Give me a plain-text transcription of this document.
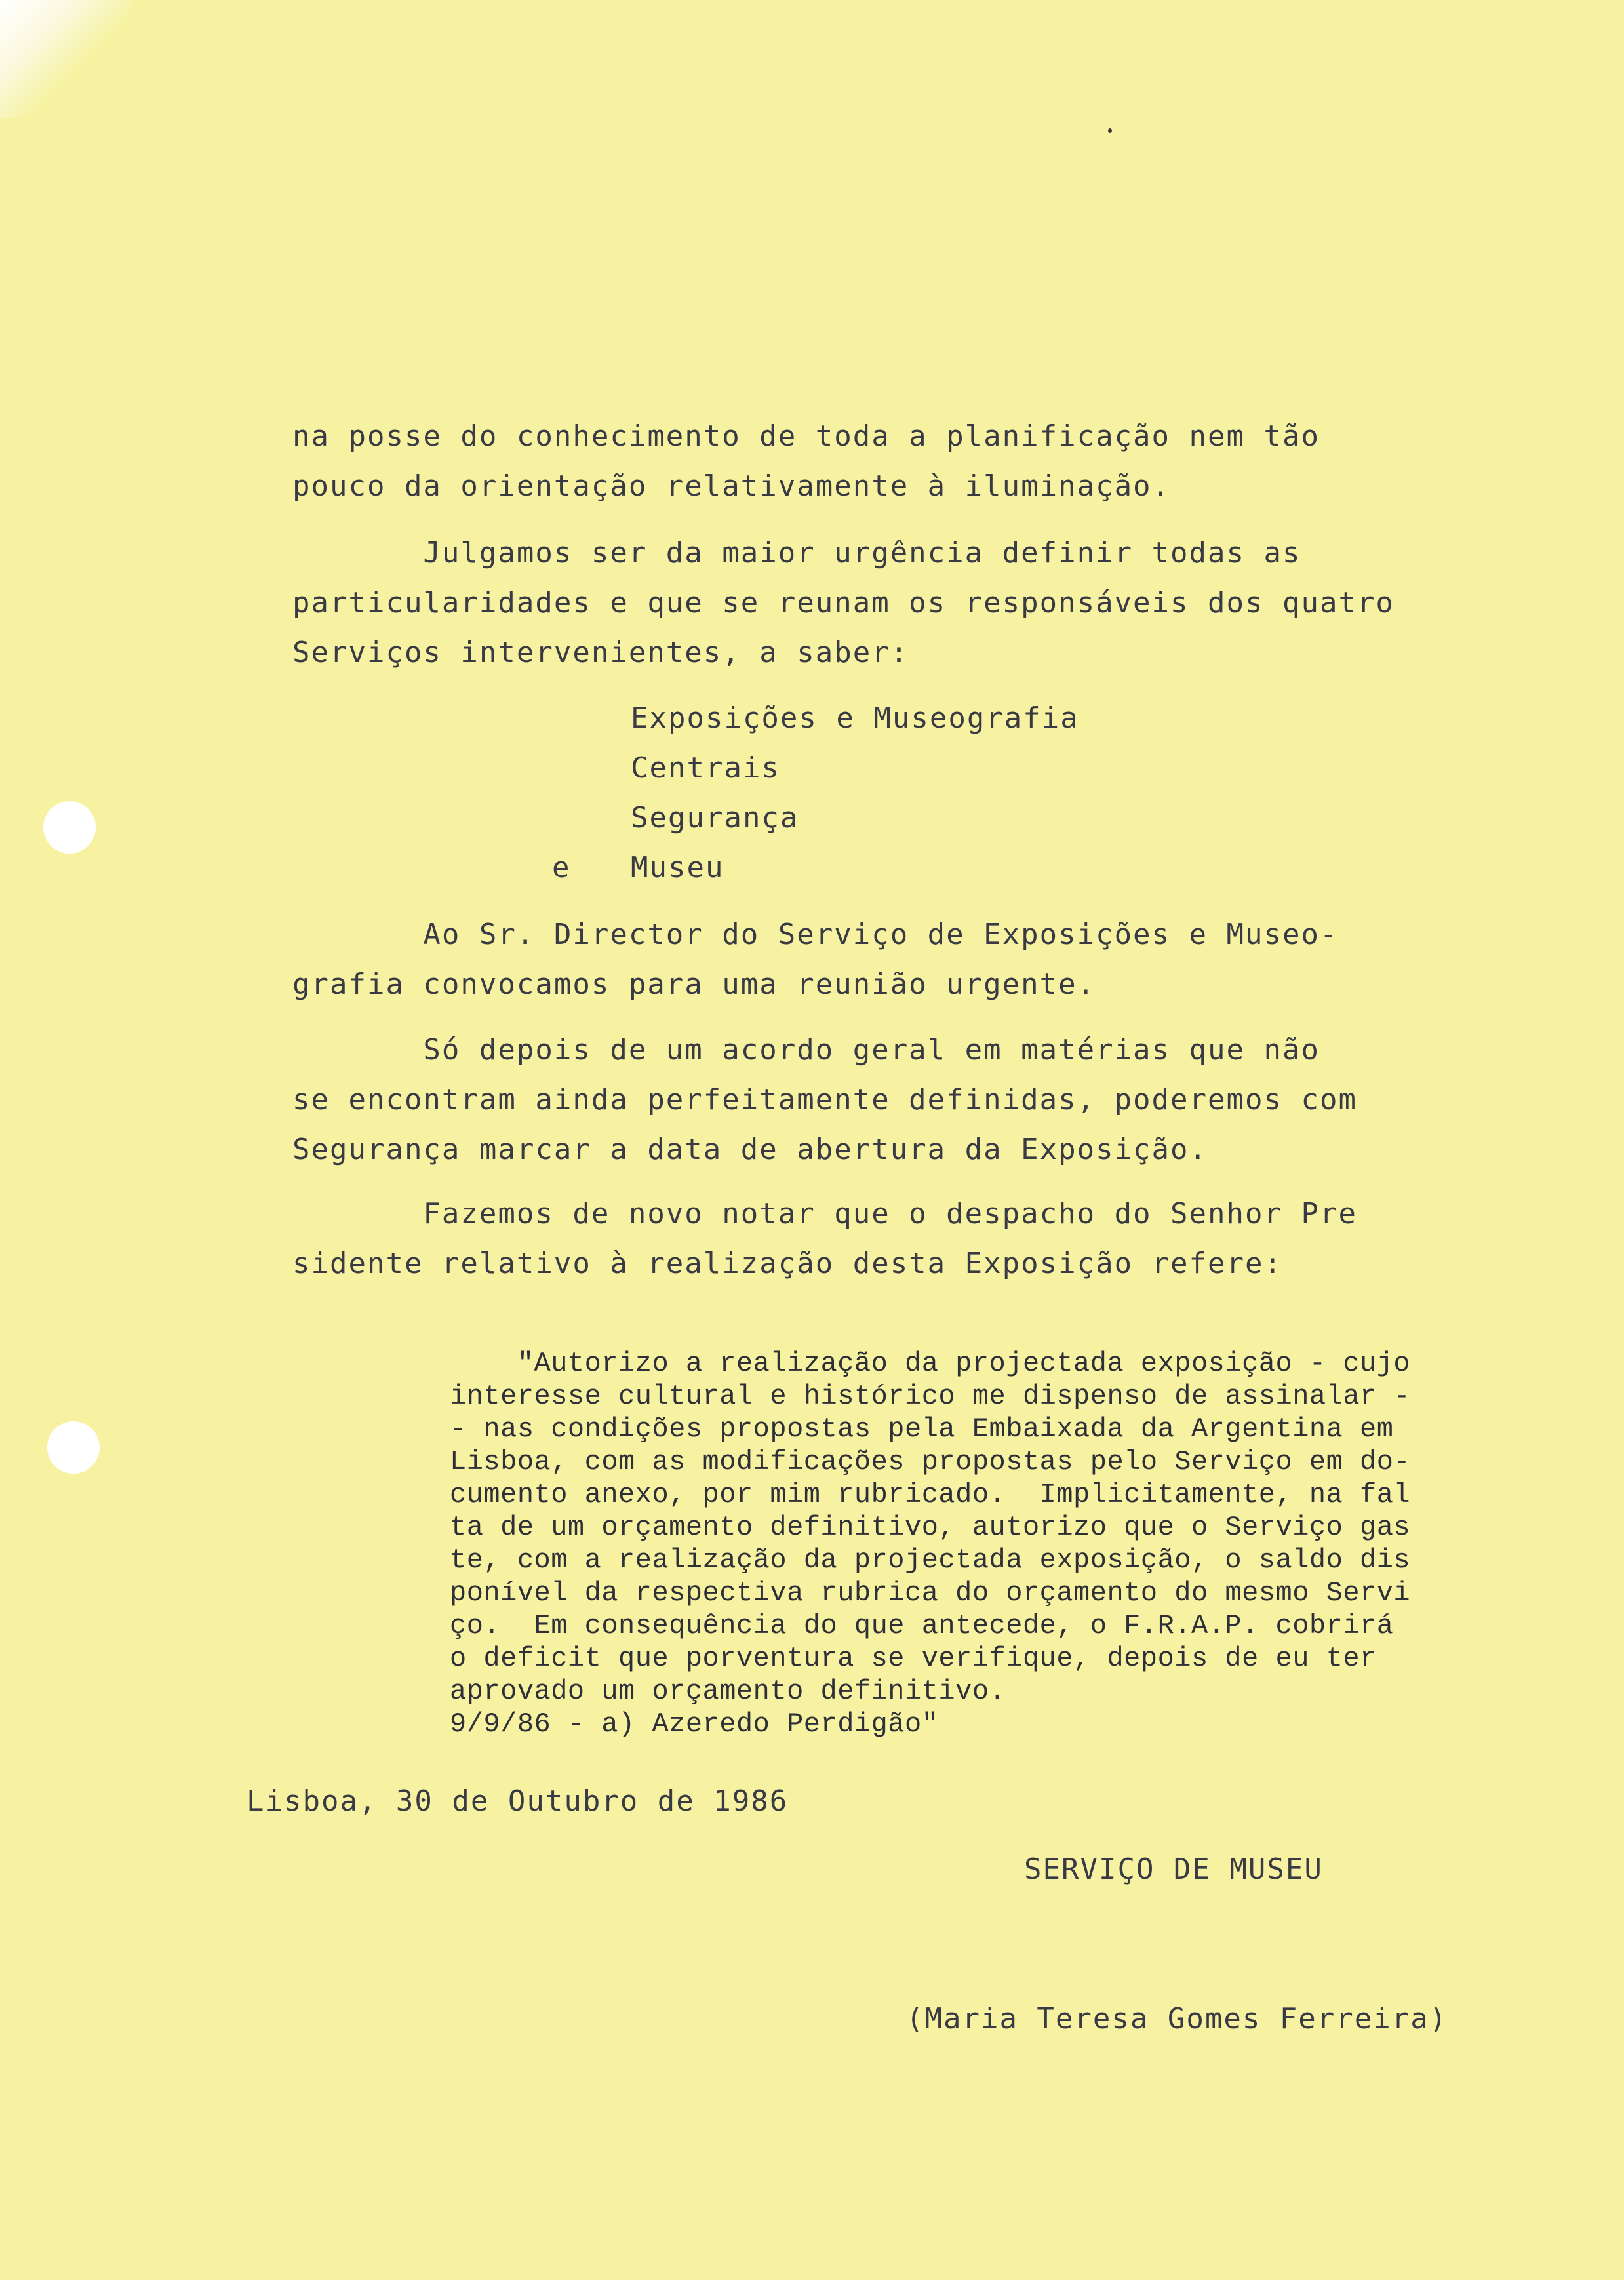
na posse do conhecimento de toda a planificação nem tão
pouco da orientação relativamente à iluminação.
Julgamos ser da maior urgência definir todas as
particularidades e que se reunam os responsáveis dos quatro
Serviços intervenientes, a saber:
Exposições e Museografia
Centrais
Segurança
e Museu
Ao Sr. Director do Serviço de Exposições e Museo-
grafia convocamos para uma reunião urgente.
Só depois de um acordo geral em matérias que não
se encontram ainda perfeitamente definidas, poderemos com
Segurança marcar a data de abertura da Exposição.
Fazemos de novo notar que o despacho do Senhor Pre
sidente relativo à realização desta Exposição refere:
"Autorizo a realização da projectada exposição - cujo
interesse cultural e histórico me dispenso de assinalar -
- nas condições propostas pela Embaixada da Argentina em
Lisboa, com as modificações propostas pelo Serviço em do-
cumento anexo, por mim rubricado.  Implicitamente, na fal
ta de um orçamento definitivo, autorizo que o Serviço gas
te, com a realização da projectada exposição, o saldo dis
ponível da respectiva rubrica do orçamento do mesmo Servi
ço.  Em consequência do que antecede, o F.R.A.P. cobrirá
o deficit que porventura se verifique, depois de eu ter
aprovado um orçamento definitivo.
9/9/86 - a) Azeredo Perdigão"
Lisboa, 30 de Outubro de 1986
SERVIÇO DE MUSEU
(Maria Teresa Gomes Ferreira)
